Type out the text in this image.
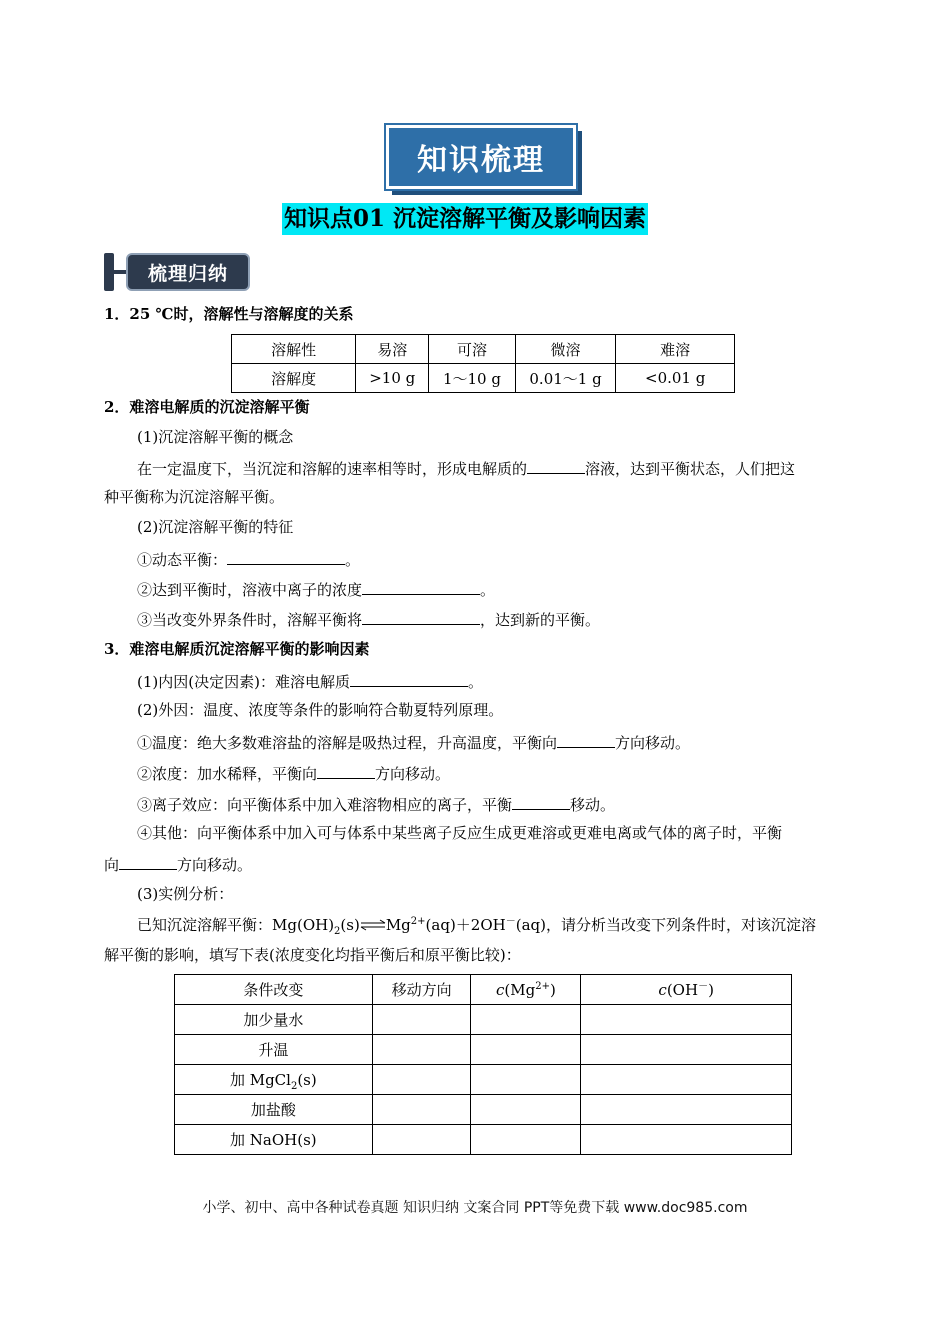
知识梳理
知识点01 沉淀溶解平衡及影响因素
梳理归纳
1．25 ℃时，溶解性与溶解度的关系
溶解性	易溶	可溶	微溶	难溶
溶解度	>10 g	1～10 g	0.01～1 g	<0.01 g
2．难溶电解质的沉淀溶解平衡
(1)沉淀溶解平衡的概念
在一定温度下，当沉淀和溶解的速率相等时，形成电解质的	溶液，达到平衡状态，人们把这
种平衡称为沉淀溶解平衡。
(2)沉淀溶解平衡的特征
①动态平衡：	。
②达到平衡时，溶液中离子的浓度	。
③当改变外界条件时，溶解平衡将	，达到新的平衡。
3．难溶电解质沉淀溶解平衡的影响因素
(1)内因(决定因素)：难溶电解质	。
(2)外因：温度、浓度等条件的影响符合勒夏特列原理。
①温度：绝大多数难溶盐的溶解是吸热过程，升高温度，平衡向	方向移动。
②浓度：加水稀释，平衡向	方向移动。
③离子效应：向平衡体系中加入难溶物相应的离子，平衡	移动。
④其他：向平衡体系中加入可与体系中某些离子反应生成更难溶或更难电离或气体的离子时，平衡
向	方向移动。
(3)实例分析：
已知沉淀溶解平衡：$Mg(OH)_2(s)\rightleftharpoons Mg^{2+}(aq)+2OH^-(aq)$，请分析当改变下列条件时，对该沉淀溶
解平衡的影响，填写下表(浓度变化均指平衡后和原平衡比较)：
条件改变	移动方向	$c(Mg^{2+})$	c(OH－)
加少量水			
升温			
加 MgCl$_2$(s)			
加盐酸			
加 NaOH(s)			
小学、初中、高中各种试卷真题 知识归纳 文案合同 PPT等免费下载 www.doc985.com
